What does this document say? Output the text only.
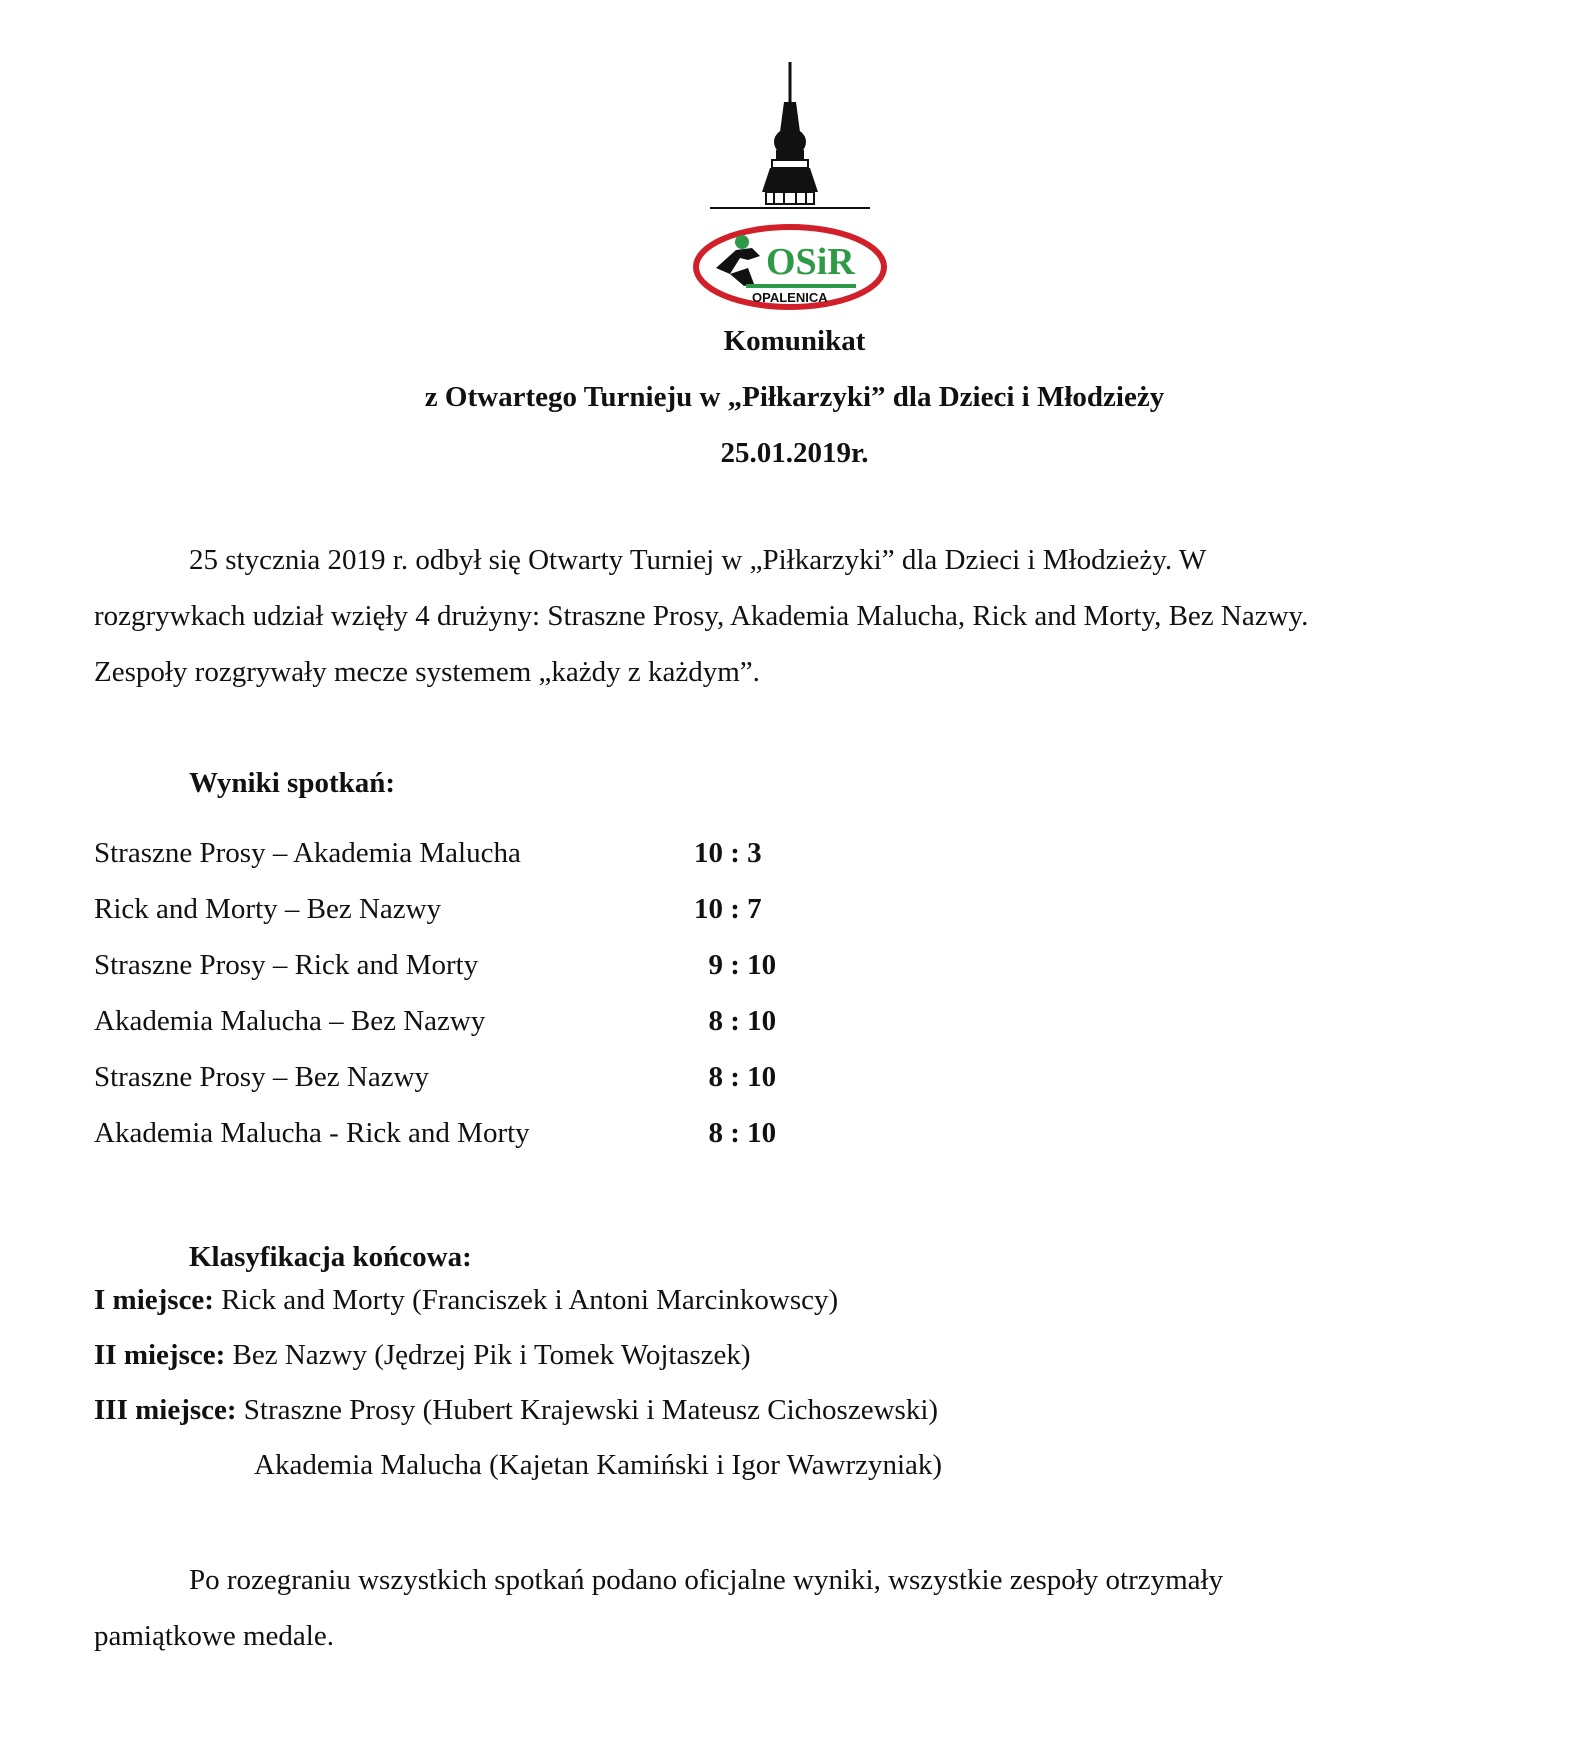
OSiR
OPALENICA
Komunikat
z Otwartego Turnieju w „Piłkarzyki” dla Dzieci i Młodzieży
25.01.2019r.
25 stycznia 2019 r. odbył się Otwarty Turniej w „Piłkarzyki” dla Dzieci i Młodzieży. W
rozgrywkach udział wzięły 4 drużyny: Straszne Prosy, Akademia Malucha, Rick and Morty, Bez Nazwy.
Zespoły rozgrywały mecze systemem „każdy z każdym”.
Wyniki spotkań:
Straszne Prosy – Akademia Malucha	10 : 3
Rick and Morty – Bez Nazwy	10 : 7
Straszne Prosy – Rick and Morty	9 : 10
Akademia Malucha – Bez Nazwy	8 : 10
Straszne Prosy – Bez Nazwy	8 : 10
Akademia Malucha - Rick and Morty	8 : 10
Klasyfikacja końcowa:
I miejsce: Rick and Morty (Franciszek i Antoni Marcinkowscy)
II miejsce: Bez Nazwy (Jędrzej Pik i Tomek Wojtaszek)
III miejsce: Straszne Prosy (Hubert Krajewski i Mateusz Cichoszewski)
Akademia Malucha (Kajetan Kamiński i Igor Wawrzyniak)
Po rozegraniu wszystkich spotkań podano oficjalne wyniki, wszystkie zespoły otrzymały
pamiątkowe medale.
